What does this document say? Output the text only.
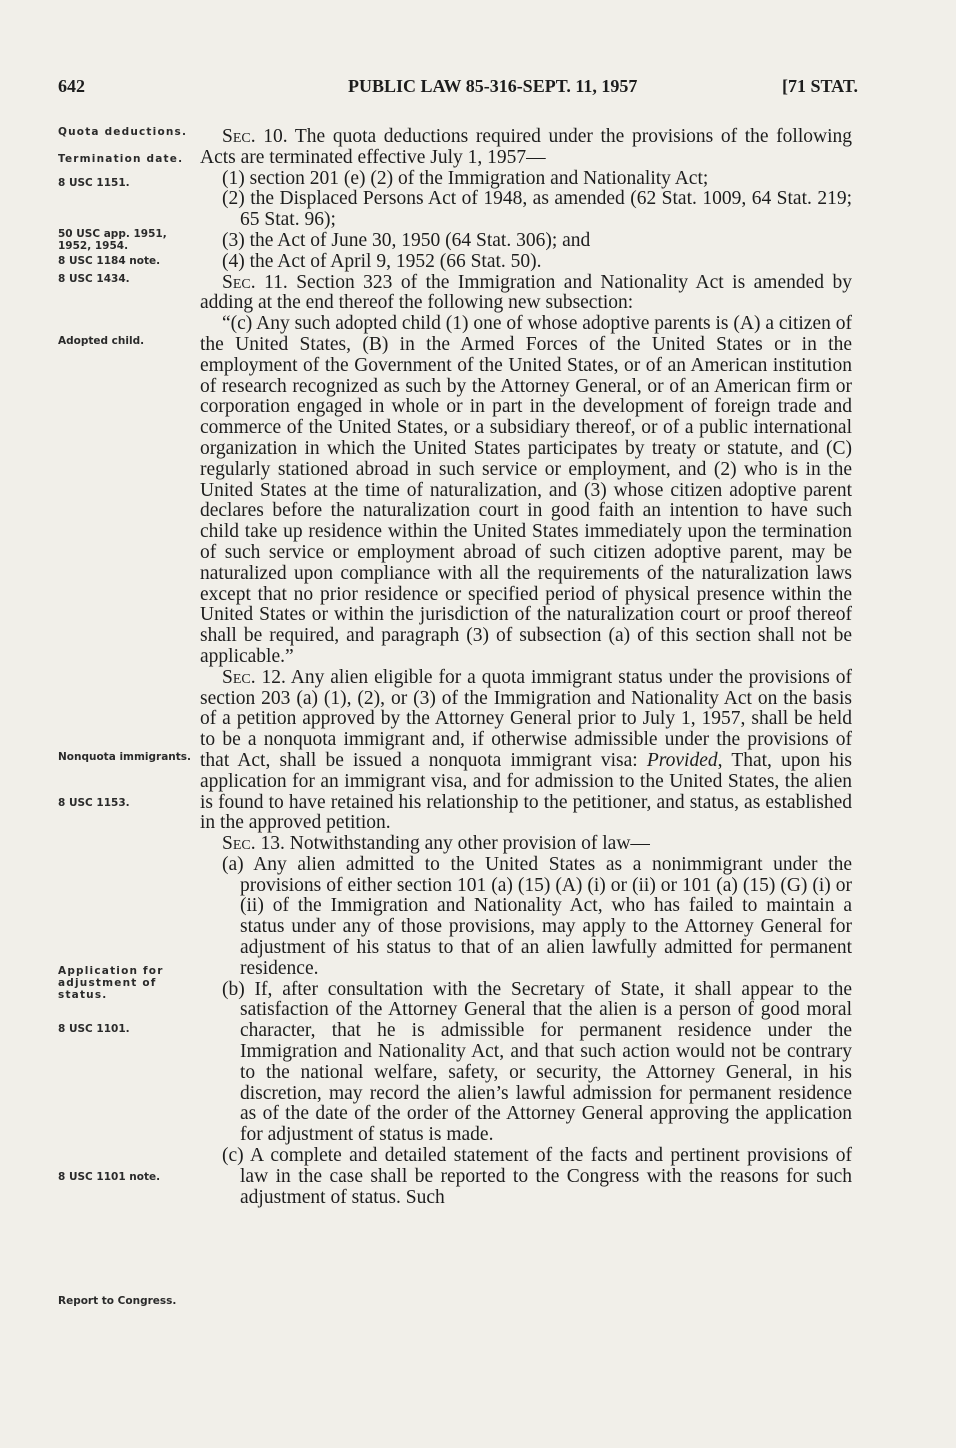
642	PUBLIC LAW 85-316-SEPT. 11, 1957	[71 STAT.
Quota deductions.
Termination date.
8 USC 1151.
50 USC app. 1951, 1952, 1954.
8 USC 1184 note.
8 USC 1434.
Adopted child.
Nonquota immigrants.
8 USC 1153.
Application for adjustment of status.
8 USC 1101.
8 USC 1101 note.
Report to Congress.

Sec. 10. The quota deductions required under the provisions of the following Acts are terminated effective July 1, 1957—

(1) section 201 (e) (2) of the Immigration and Nationality Act;

(2) the Displaced Persons Act of 1948, as amended (62 Stat. 1009, 64 Stat. 219; 65 Stat. 96);

(3) the Act of June 30, 1950 (64 Stat. 306); and

(4) the Act of April 9, 1952 (66 Stat. 50).

Sec. 11. Section 323 of the Immigration and Nationality Act is amended by adding at the end thereof the following new subsection:

“(c) Any such adopted child (1) one of whose adoptive parents is (A) a citizen of the United States, (B) in the Armed Forces of the United States or in the employment of the Government of the United States, or of an American institution of research recognized as such by the Attorney General, or of an American firm or corporation engaged in whole or in part in the development of foreign trade and commerce of the United States, or a subsidiary thereof, or of a public international organization in which the United States participates by treaty or statute, and (C) regularly stationed abroad in such service or employment, and (2) who is in the United States at the time of naturalization, and (3) whose citizen adoptive parent declares before the naturalization court in good faith an intention to have such child take up residence within the United States immediately upon the termination of such service or employment abroad of such citizen adoptive parent, may be naturalized upon compliance with all the requirements of the naturalization laws except that no prior residence or specified period of physical presence within the United States or within the jurisdiction of the naturalization court or proof thereof shall be required, and paragraph (3) of subsection (a) of this section shall not be applicable.”

Sec. 12. Any alien eligible for a quota immigrant status under the provisions of section 203 (a) (1), (2), or (3) of the Immigration and Nationality Act on the basis of a petition approved by the Attorney General prior to July 1, 1957, shall be held to be a nonquota immigrant and, if otherwise admissible under the provisions of that Act, shall be issued a nonquota immigrant visa: Provided, That, upon his application for an immigrant visa, and for admission to the United States, the alien is found to have retained his relationship to the petitioner, and status, as established in the approved petition.

Sec. 13. Notwithstanding any other provision of law—

(a) Any alien admitted to the United States as a nonimmigrant under the provisions of either section 101 (a) (15) (A) (i) or (ii) or 101 (a) (15) (G) (i) or (ii) of the Immigration and Nationality Act, who has failed to maintain a status under any of those provisions, may apply to the Attorney General for adjustment of his status to that of an alien lawfully admitted for permanent residence.

(b) If, after consultation with the Secretary of State, it shall appear to the satisfaction of the Attorney General that the alien is a person of good moral character, that he is admissible for permanent residence under the Immigration and Nationality Act, and that such action would not be contrary to the national welfare, safety, or security, the Attorney General, in his discretion, may record the alien’s lawful admission for permanent residence as of the date of the order of the Attorney General approving the application for adjustment of status is made.

(c) A complete and detailed statement of the facts and pertinent provisions of law in the case shall be reported to the Congress with the reasons for such adjustment of status. Such
